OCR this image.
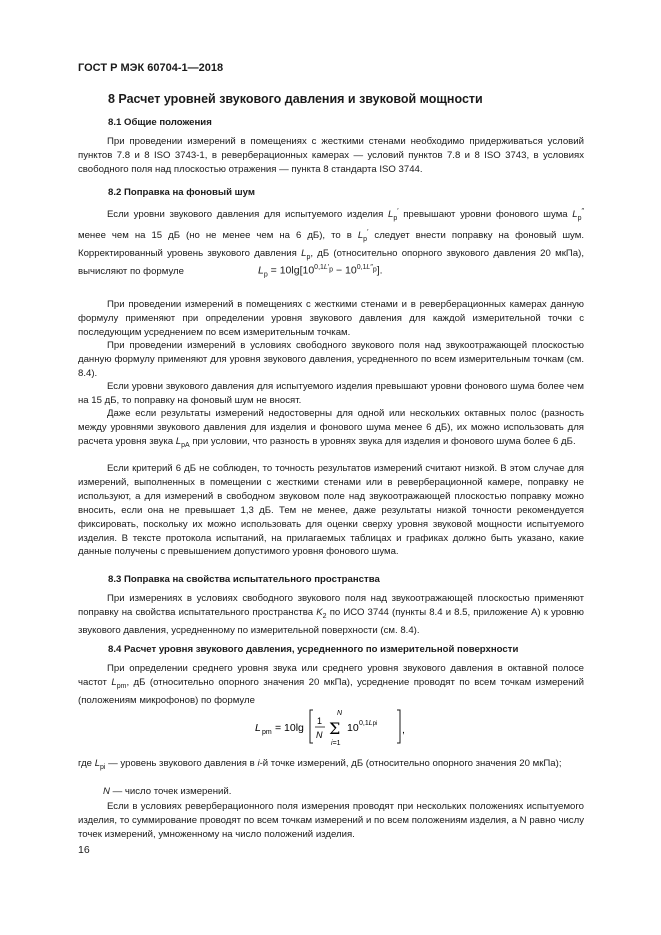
ГОСТ Р МЭК 60704-1—2018
8 Расчет уровней звукового давления и звуковой мощности
8.1 Общие положения

При проведении измерений в помещениях с жесткими стенами необходимо придерживаться условий пунктов 7.8 и 8 ISO 3743-1, в реверберационных камерах — условий пунктов 7.8 и 8 ISO 3743, в условиях свободного поля над плоскостью отражения — пункта 8 стандарта ISO 3744.

8.2 Поправка на фоновый шум

Если уровни звукового давления для испытуемого изделия $L_p'$ превышают уровни фонового шума $L_p''$ менее чем на 15 дБ (но не менее чем на 6 дБ), то в $L_p'$ следует внести поправку на фоновый шум. Корректированный уровень звукового давления $L_p$, дБ (относительно опорного звукового давления 20 мкПа), вычисляют по формуле	$L_p = 10\lg[10^{0,1L'_p} - 10^{0,1L''_p}]$.

При проведении измерений в помещениях с жесткими стенами и в реверберационных камерах данную формулу применяют при определении уровня звукового давления для каждой измерительной точки с последующим усреднением по всем измерительным точкам.

При проведении измерений в условиях свободного звукового поля над звукоотражающей плоскостью данную формулу применяют для уровня звукового давления, усредненного по всем измерительным точкам (см. 8.4).

Если уровни звукового давления для испытуемого изделия превышают уровни фонового шума более чем на 15 дБ, то поправку на фоновый шум не вносят.

Даже если результаты измерений недостоверны для одной или нескольких октавных полос (разность между уровнями звукового давления для изделия и фонового шума менее 6 дБ), их можно использовать для расчета уровня звука $L_{pA}$ при условии, что разность в уровнях звука для изделия и фонового шума более 6 дБ.

Если критерий 6 дБ не соблюден, то точность результатов измерений считают низкой. В этом случае для измерений, выполненных в помещении с жесткими стенами или в реверберационной камере, поправку не используют, а для измерений в свободном звуковом поле над звукоотражающей плоскостью поправку можно вносить, если она не превышает 1,3 дБ. Тем не менее, даже результаты низкой точности рекомендуется фиксировать, поскольку их можно использовать для оценки сверху уровня звуковой мощности испытуемого изделия. В тексте протокола испытаний, на прилагаемых таблицах и графиках должно быть указано, какие данные получены с превышением допустимого уровня фонового шума.

8.3 Поправка на свойства испытательного пространства

При измерениях в условиях свободного звукового поля над звукоотражающей плоскостью применяют поправку на свойства испытательного пространства $K_2$ по ИСО 3744 (пункты 8.4 и 8.5, приложение А) к уровню звукового давления, усредненному по измерительной поверхности (см. 8.4).

8.4 Расчет уровня звукового давления, усредненного по измерительной поверхности

При определении среднего уровня звука или среднего уровня звукового давления в октавной полосе частот $L_{pm}$, дБ (относительно опорного значения 20 мкПа), усреднение проводят по всем точкам измерений (положениям микрофонов) по формуле

L pm = 10lg
1
N
N
Σ
i=1
10 0,1Lpi ,
где $L_{pi}$ — уровень звукового давления в i-й точке измерений, дБ (относительно опорного значения 20 мкПа);
N — число точек измерений.

Если в условиях реверберационного поля измерения проводят при нескольких положениях испытуемого изделия, то суммирование проводят по всем точкам измерений и по всем положениям изделия, а N равно числу точек измерений, умноженному на число положений изделия.

16
